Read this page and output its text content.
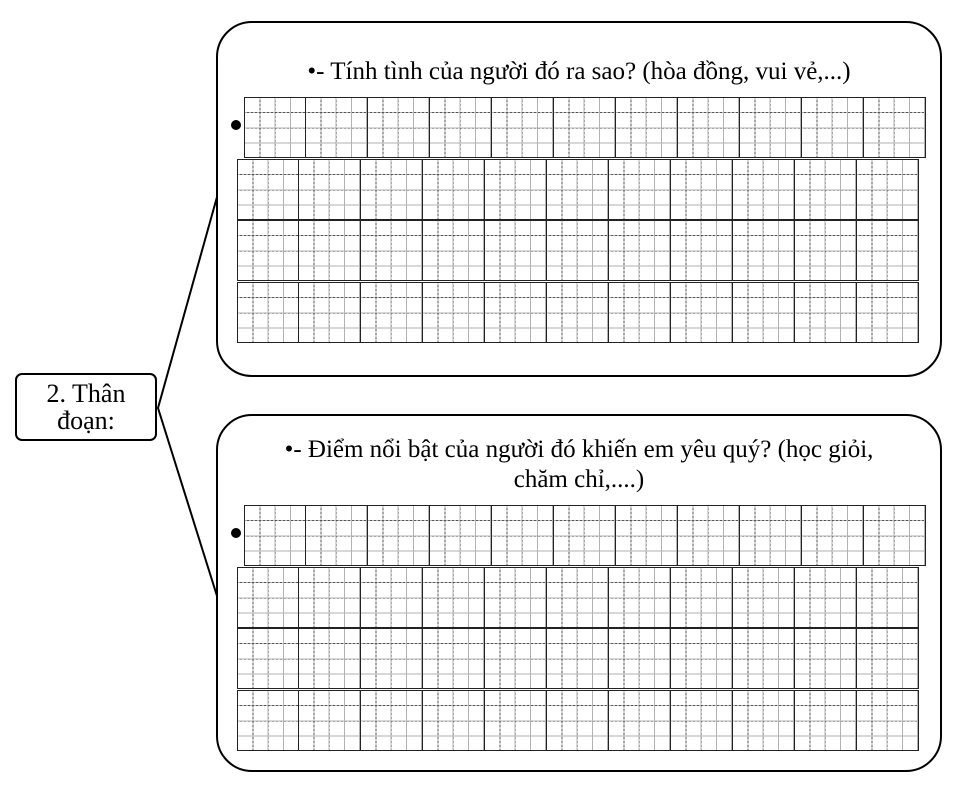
2. Thân
đoạn:
•- Tính tình của người đó ra sao? (hòa đồng, vui vẻ,...)
•- Điểm nổi bật của người đó khiến em yêu quý? (học giỏi,
chăm chỉ,....)
